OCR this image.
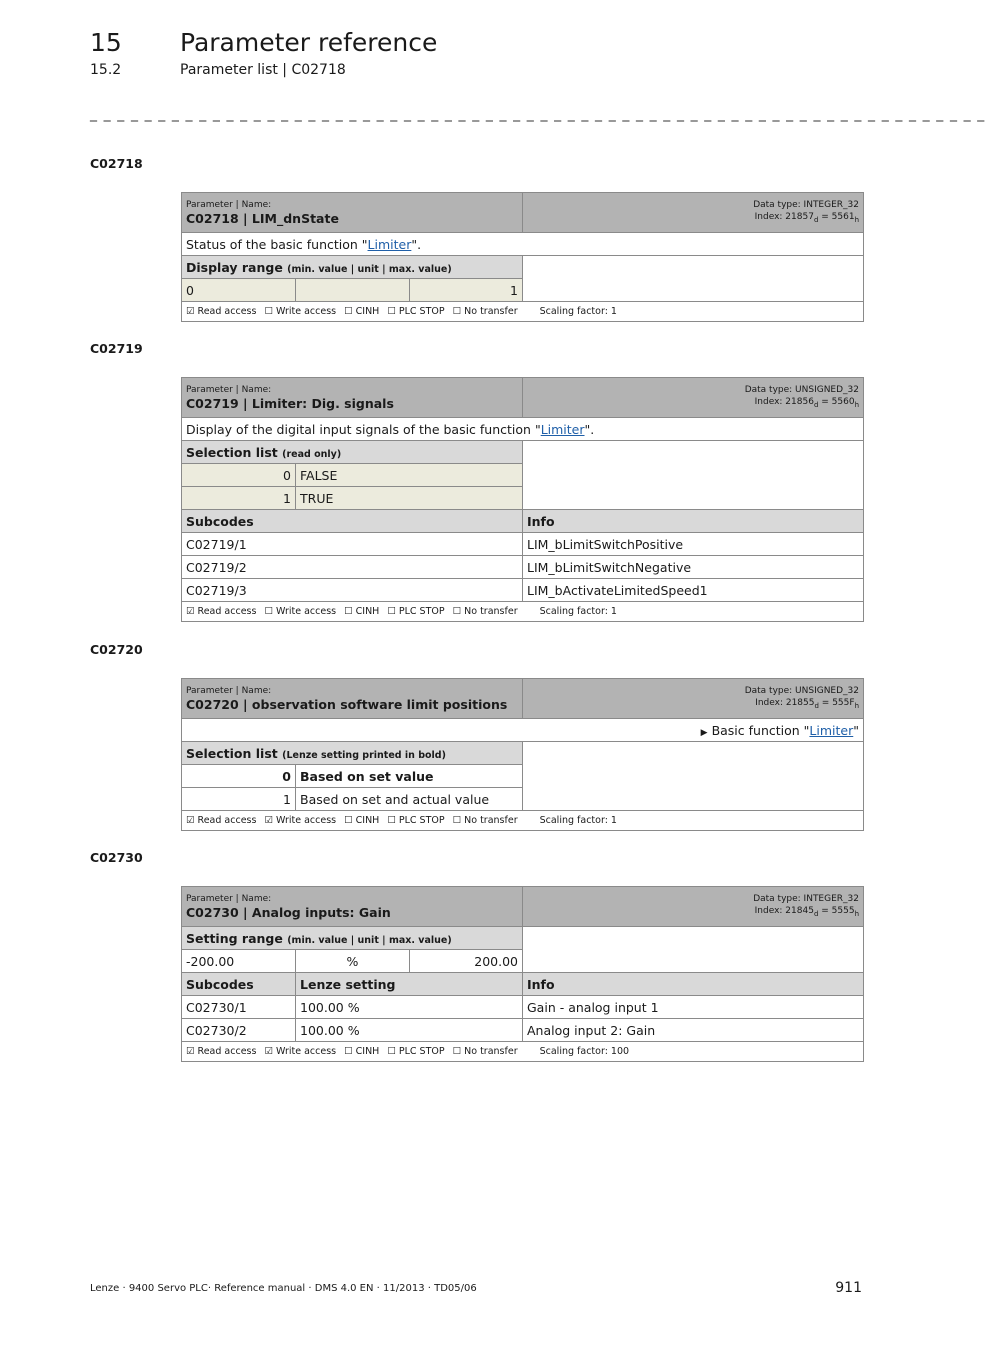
15 Parameter reference
15.2	Parameter list | C02718
_ _ _ _ _ _ _ _ _ _ _ _ _ _ _ _ _ _ _ _ _ _ _ _ _ _ _ _ _ _ _ _ _ _ _ _ _ _ _ _ _ _ _ _ _ _ _ _ _ _ _ _ _ _ _ _ _ _ _ _ _ _ _ _ _ _
C02718
Parameter | Name:
C02718 | LIM_dnState			Data type: INTEGER_32
Index: $21857_d = 5561_h$
Status of the basic function "Limiter".			
Display range (min. value | unit | max. value)			
0		1	
☑ Read access ☐ Write access ☐ CINH ☐ PLC STOP ☐ No transfer Scaling factor: 1			
C02719
Parameter | Name:
C02719 | Limiter: Dig. signals		Data type: UNSIGNED_32
Index: $21856_d = 5560_h$
Display of the digital input signals of the basic function "Limiter".		
Selection list (read only)		
0	FALSE	
1	TRUE	
Subcodes		Info
C02719/1		LIM_bLimitSwitchPositive
C02719/2		LIM_bLimitSwitchNegative
C02719/3		LIM_bActivateLimitedSpeed1
☑ Read access ☐ Write access ☐ CINH ☐ PLC STOP ☐ No transfer Scaling factor: 1		
C02720
Parameter | Name:
C02720 | observation software limit positions		Data type: UNSIGNED_32
Index: $21855_d = 555F_h$
▶ Basic function "Limiter"		
Selection list (Lenze setting printed in bold)		
0	Based on set value	
1	Based on set and actual value	
☑ Read access ☑ Write access ☐ CINH ☐ PLC STOP ☐ No transfer Scaling factor: 1		
C02730
Parameter | Name:
C02730 | Analog inputs: Gain			Data type: INTEGER_32
Index: $21845_d = 5555_h$
Setting range (min. value | unit | max. value)			
-200.00	%	200.00	
Subcodes	Lenze setting		Info
C02730/1	100.00 %		Gain - analog input 1
C02730/2	100.00 %		Analog input 2: Gain
☑ Read access ☑ Write access ☐ CINH ☐ PLC STOP ☐ No transfer Scaling factor: 100			
Lenze · 9400 Servo PLC· Reference manual · DMS 4.0 EN · 11/2013 · TD05/06	911
